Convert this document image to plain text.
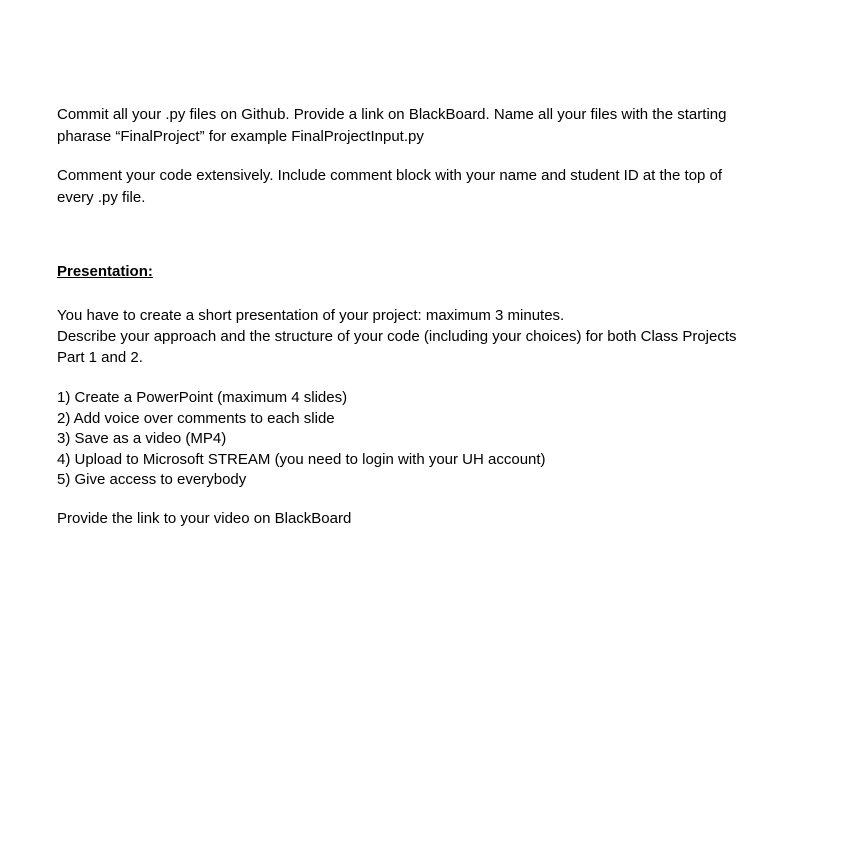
Commit all your .py files on Github. Provide a link on BlackBoard. Name all your files with the starting
pharase “FinalProject” for example FinalProjectInput.py

Comment your code extensively. Include comment block with your name and student ID at the top of
every .py file.

Presentation:

You have to create a short presentation of your project: maximum 3 minutes.
Describe your approach and the structure of your code (including your choices) for both Class Projects
Part 1 and 2.

1) Create a PowerPoint (maximum 4 slides)
2) Add voice over comments to each slide
3) Save as a video (MP4)
4) Upload to Microsoft STREAM (you need to login with your UH account)
5) Give access to everybody

Provide the link to your video on BlackBoard
